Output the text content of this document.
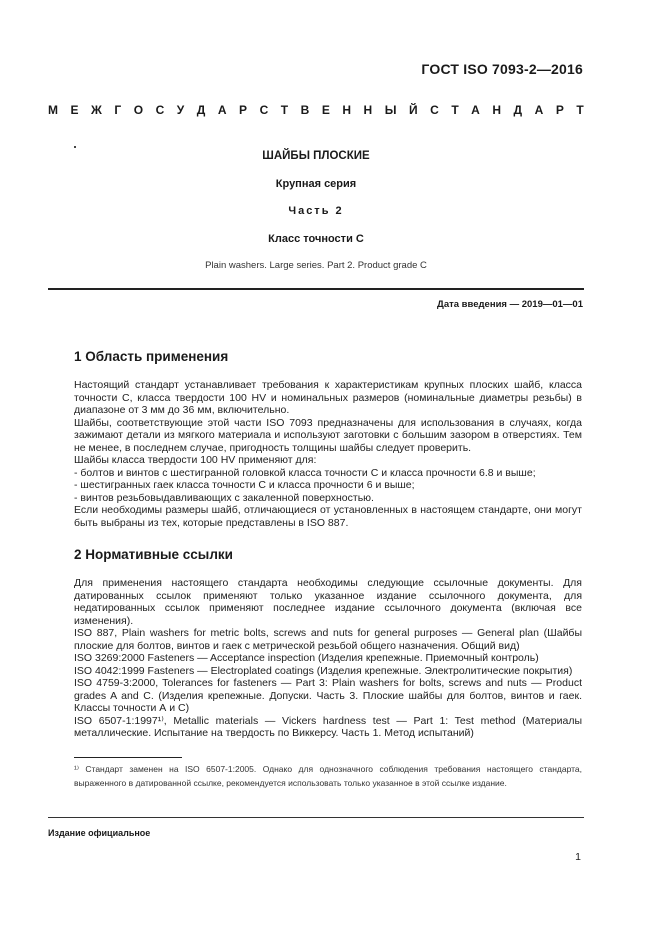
ГОСТ ISO 7093-2—2016
М Е Ж Г О С У Д А Р С Т В Е Н Н Ы Й С Т А Н Д А Р Т
ШАЙБЫ ПЛОСКИЕ
Крупная серия
Часть 2
Класс точности С
Plain washers. Large series. Part 2. Product grade C
Дата введения — 2019—01—01
1 Область применения

Настоящий стандарт устанавливает требования к характеристикам крупных плоских шайб, класса точности С, класса твердости 100 HV и номинальных размеров (номинальные диаметры резьбы) в диапазоне от 3 мм до 36 мм, включительно.

Шайбы, соответствующие этой части ISO 7093 предназначены для использования в случаях, когда зажимают детали из мягкого материала и используют заготовки с большим зазором в отверстиях. Тем не менее, в последнем случае, пригодность толщины шайбы следует проверить.

Шайбы класса твердости 100 HV применяют для:

- болтов и винтов с шестигранной головкой класса точности С и класса прочности 6.8 и выше;

- шестигранных гаек класса точности С и класса прочности 6 и выше;

- винтов резьбовыдавливающих с закаленной поверхностью.

Если необходимы размеры шайб, отличающиеся от установленных в настоящем стандарте, они могут быть выбраны из тех, которые представлены в ISO 887.

2 Нормативные ссылки

Для применения настоящего стандарта необходимы следующие ссылочные документы. Для датированных ссылок применяют только указанное издание ссылочного документа, для недатированных ссылок применяют последнее издание ссылочного документа (включая все изменения).

ISO 887, Plain washers for metric bolts, screws and nuts for general purposes — General plan (Шайбы плоские для болтов, винтов и гаек с метрической резьбой общего назначения. Общий вид)

ISO 3269:2000 Fasteners — Acceptance inspection (Изделия крепежные. Приемочный контроль)

ISO 4042:1999 Fasteners — Electroplated coatings (Изделия крепежные. Электролитические покрытия)

ISO 4759-3:2000, Tolerances for fasteners — Part 3: Plain washers for bolts, screws and nuts — Product grades A and C. (Изделия крепежные. Допуски. Часть 3. Плоские шайбы для болтов, винтов и гаек. Классы точности А и С)

ISO 6507-1:1997¹⁾, Metallic materials — Vickers hardness test — Part 1: Test method (Материалы металлические. Испытание на твердость по Виккерсу. Часть 1. Метод испытаний)

¹⁾ Стандарт заменен на ISO 6507-1:2005. Однако для однозначного соблюдения требования настоящего стандарта, выраженного в датированной ссылке, рекомендуется использовать только указанное в этой ссылке издание.
Издание официальное
1
